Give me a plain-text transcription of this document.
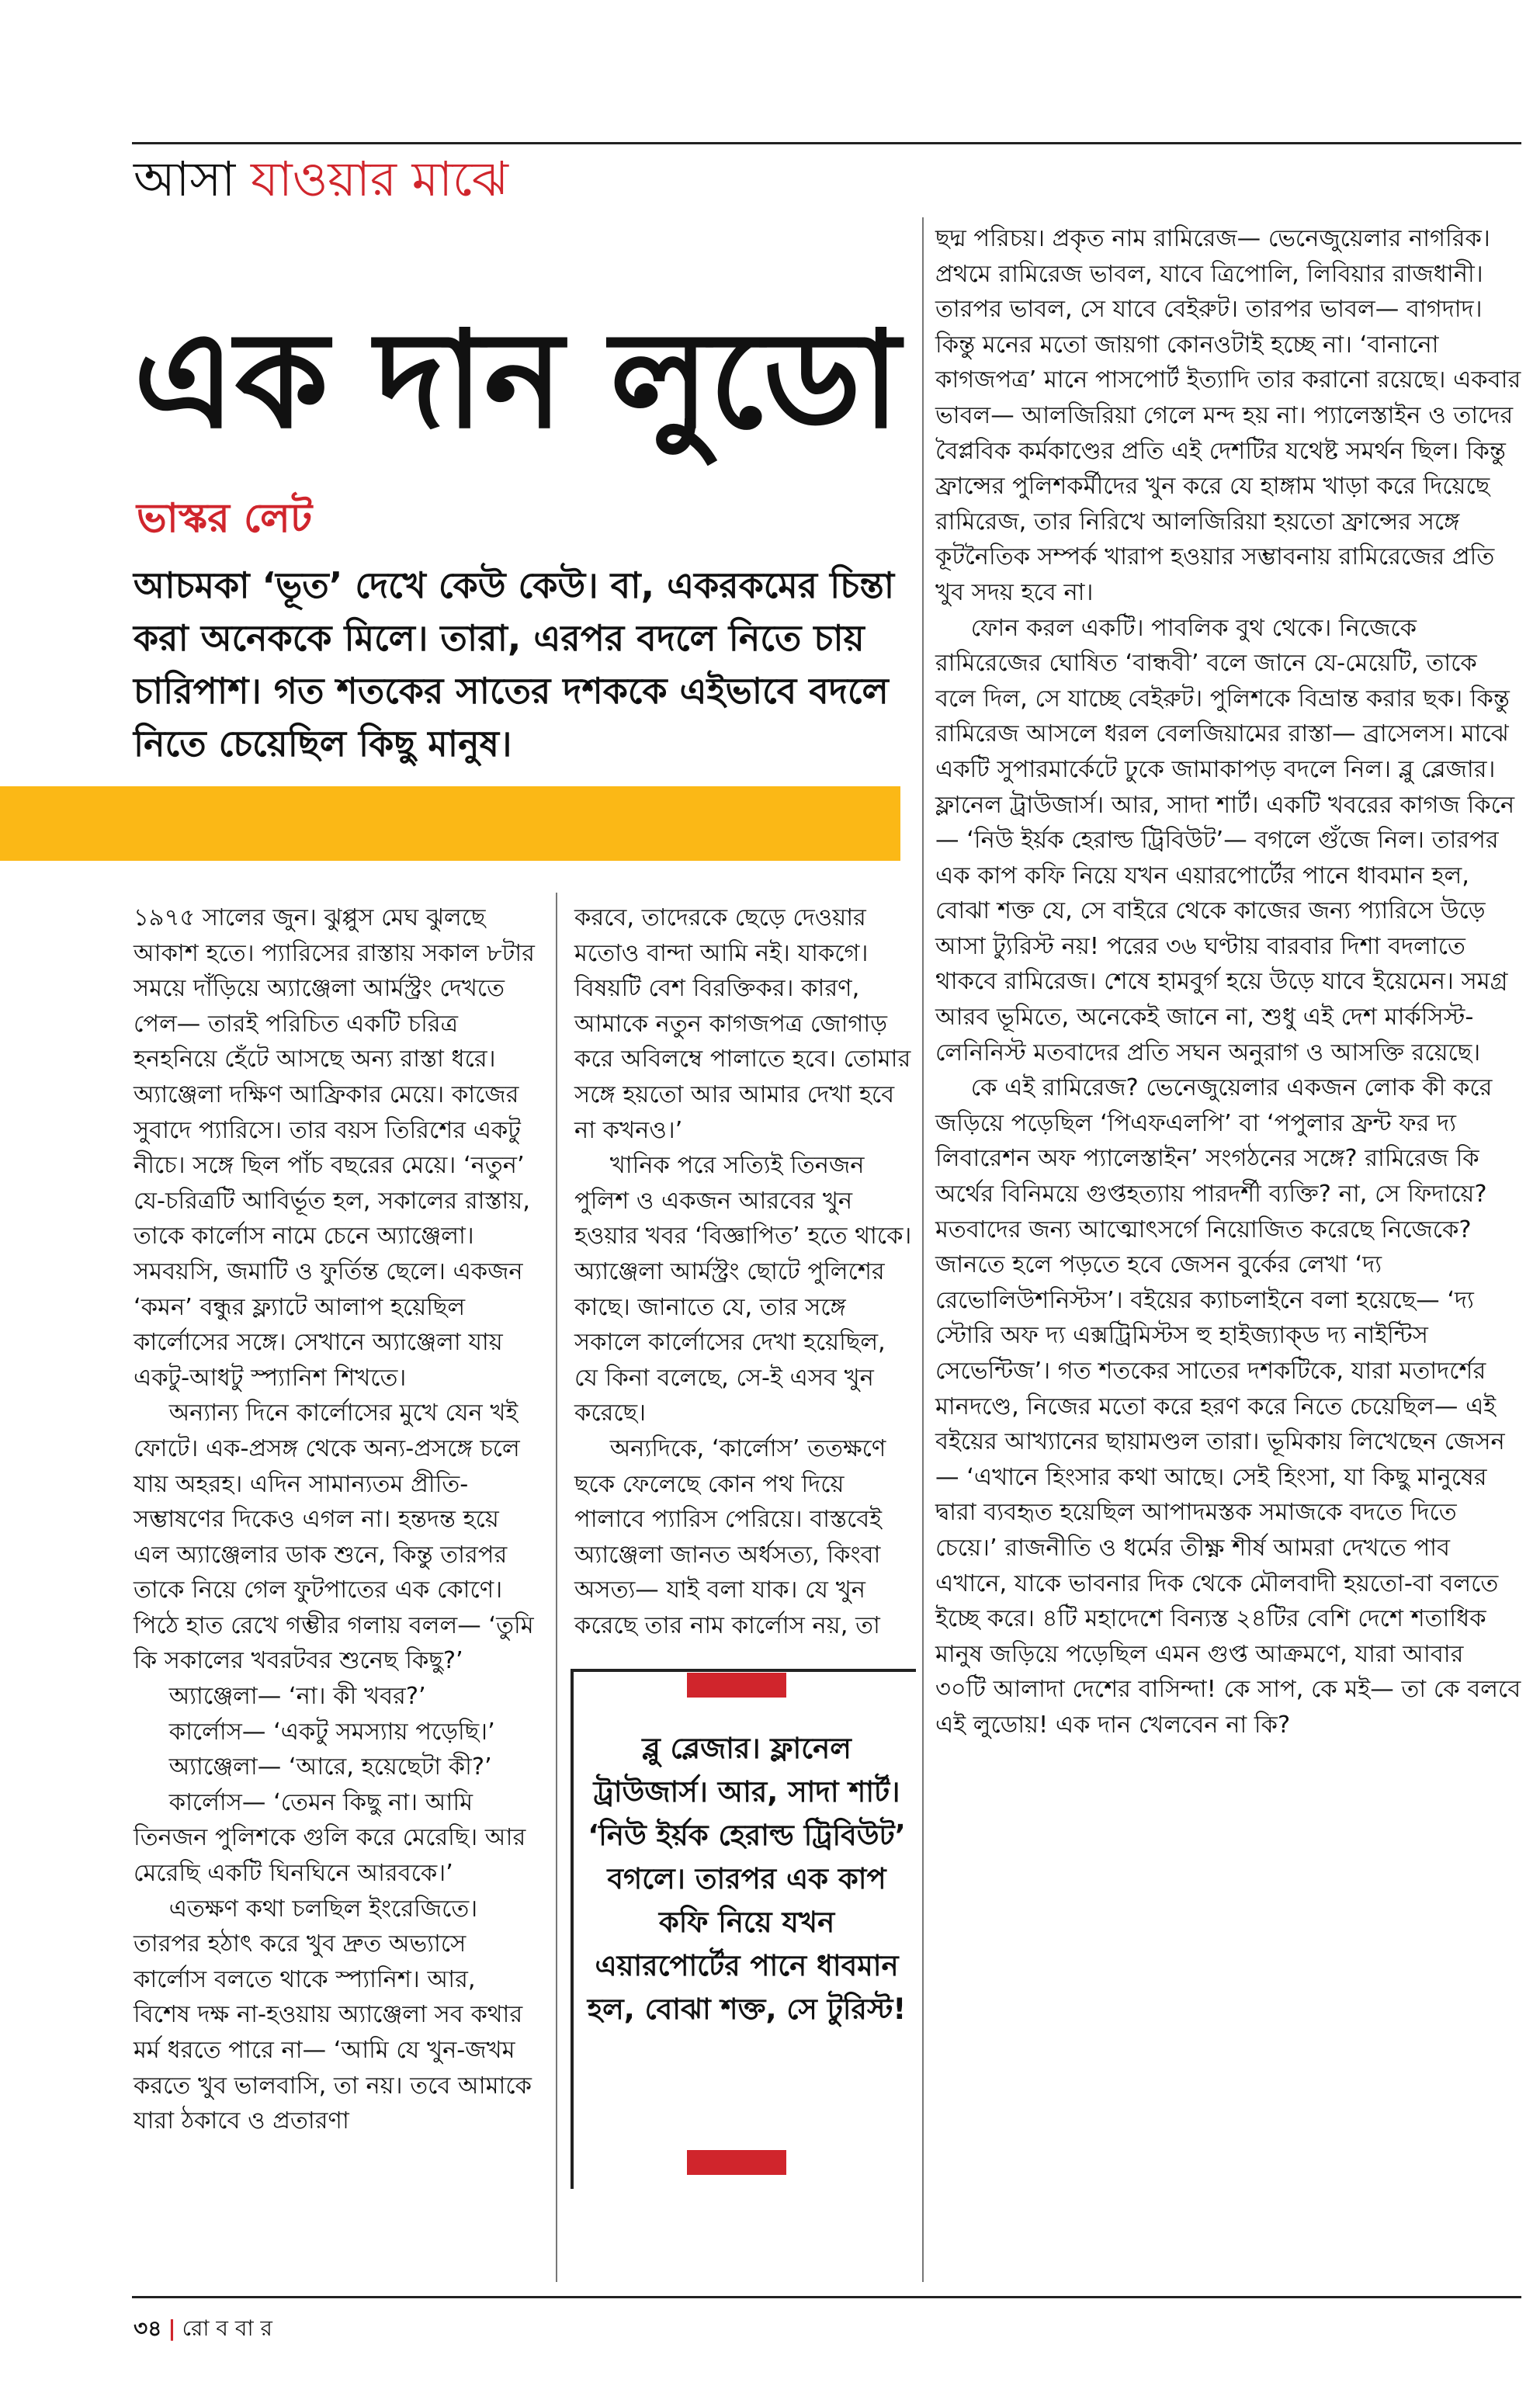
আসা যাওয়ার মাঝে
এক দান লুডো
ভাস্কর লেট
আচমকা ‘ভূত’ দেখে কেউ কেউ। বা, একরকমের চিন্তা করা অনেককে মিলে। তারা, এরপর বদলে নিতে চায় চারিপাশ। গত শতকের সাতের দশককে এইভাবে বদলে নিতে চেয়েছিল কিছু মানুষ।

১৯৭৫ সালের জুন। ঝুপ্পুস মেঘ ঝুলছে আকাশ হতে। প্যারিসের রাস্তায় সকাল ৮টার সময়ে দাঁড়িয়ে অ্যাঞ্জেলা আর্মস্ট্রং দেখতে পেল— তারই পরিচিত একটি চরিত্র হনহনিয়ে হেঁটে আসছে অন্য রাস্তা ধরে। অ্যাঞ্জেলা দক্ষিণ আফ্রিকার মেয়ে। কাজের সুবাদে প্যারিসে। তার বয়স তিরিশের একটু নীচে। সঙ্গে ছিল পাঁচ বছরের মেয়ে। ‘নতুন’ যে-চরিত্রটি আবির্ভূত হল, সকালের রাস্তায়, তাকে কার্লোস নামে চেনে অ্যাঞ্জেলা। সমবয়সি, জমাটি ও ফুর্তিন্ত ছেলে। একজন ‘কমন’ বন্ধুর ফ্ল্যাটে আলাপ হয়েছিল কার্লোসের সঙ্গে। সেখানে অ্যাঞ্জেলা যায় একটু-আধটু স্প্যানিশ শিখতে।

অন্যান্য দিনে কার্লোসের মুখে যেন খই ফোটে। এক-প্রসঙ্গ থেকে অন্য-প্রসঙ্গে চলে যায় অহরহ। এদিন সামান্যতম প্রীতি-সম্ভাষণের দিকেও এগল না। হন্তদন্ত হয়ে এল অ্যাঞ্জেলার ডাক শুনে, কিন্তু তারপর তাকে নিয়ে গেল ফুটপাতের এক কোণে। পিঠে হাত রেখে গম্ভীর গলায় বলল— ‘তুমি কি সকালের খবরটবর শুনেছ কিছু?’

অ্যাঞ্জেলা— ‘না। কী খবর?’

কার্লোস— ‘একটু সমস্যায় পড়েছি।’

অ্যাঞ্জেলা— ‘আরে, হয়েছেটা কী?’

কার্লোস— ‘তেমন কিছু না। আমি তিনজন পুলিশকে গুলি করে মেরেছি। আর মেরেছি একটি ঘিনঘিনে আরবকে।’

এতক্ষণ কথা চলছিল ইংরেজিতে। তারপর হঠাৎ করে খুব দ্রুত অভ্যাসে কার্লোস বলতে থাকে স্প্যানিশ। আর, বিশেষ দক্ষ না-হওয়ায় অ্যাঞ্জেলা সব কথার মর্ম ধরতে পারে না— ‘আমি যে খুন-জখম করতে খুব ভালবাসি, তা নয়। তবে আমাকে যারা ঠকাবে ও প্রতারণা

করবে, তাদেরকে ছেড়ে দেওয়ার মতোও বান্দা আমি নই। যাকগে। বিষয়টি বেশ বিরক্তিকর। কারণ, আমাকে নতুন কাগজপত্র জোগাড় করে অবিলম্বে পালাতে হবে। তোমার সঙ্গে হয়তো আর আমার দেখা হবে না কখনও।’

খানিক পরে সত্যিই তিনজন পুলিশ ও একজন আরবের খুন হওয়ার খবর ‘বিজ্ঞাপিত’ হতে থাকে। অ্যাঞ্জেলা আর্মস্ট্রং ছোটে পুলিশের কাছে। জানাতে যে, তার সঙ্গে সকালে কার্লোসের দেখা হয়েছিল, যে কিনা বলেছে, সে-ই এসব খুন করেছে।

অন্যদিকে, ‘কার্লোস’ ততক্ষণে ছকে ফেলেছে কোন পথ দিয়ে পালাবে প্যারিস পেরিয়ে। বাস্তবেই অ্যাঞ্জেলা জানত অর্ধসত্য, কিংবা অসত্য— যাই বলা যাক। যে খুন করেছে তার নাম কার্লোস নয়, তা

ব্লু ব্লেজার। ফ্লানেল ট্রাউজার্স। আর, সাদা শার্ট। ‘নিউ ইর্য়ক হেরাল্ড ট্রিবিউট’ বগলে। তারপর এক কাপ কফি নিয়ে যখন এয়ারপোর্টের পানে ধাবমান হল, বোঝা শক্ত, সে টুরিস্ট!

ছদ্ম পরিচয়। প্রকৃত নাম রামিরেজ— ভেনেজুয়েলার নাগরিক। প্রথমে রামিরেজ ভাবল, যাবে ত্রিপোলি, লিবিয়ার রাজধানী। তারপর ভাবল, সে যাবে বেইরুট। তারপর ভাবল— বাগদাদ। কিন্তু মনের মতো জায়গা কোনওটাই হচ্ছে না। ‘বানানো কাগজপত্র’ মানে পাসপোর্ট ইত্যাদি তার করানো রয়েছে। একবার ভাবল— আলজিরিয়া গেলে মন্দ হয় না। প্যালেস্তাইন ও তাদের বৈপ্লবিক কর্মকাণ্ডের প্রতি এই দেশটির যথেষ্ট সমর্থন ছিল। কিন্তু ফ্রান্সের পুলিশকর্মীদের খুন করে যে হাঙ্গাম খাড়া করে দিয়েছে রামিরেজ, তার নিরিখে আলজিরিয়া হয়তো ফ্রান্সের সঙ্গে কূটনৈতিক সম্পর্ক খারাপ হওয়ার সম্ভাবনায় রামিরেজের প্রতি খুব সদয় হবে না।

ফোন করল একটি। পাবলিক বুথ থেকে। নিজেকে রামিরেজের ঘোষিত ‘বান্ধবী’ বলে জানে যে-মেয়েটি, তাকে বলে দিল, সে যাচ্ছে বেইরুট। পুলিশকে বিভ্রান্ত করার ছক। কিন্তু রামিরেজ আসলে ধরল বেলজিয়ামের রাস্তা— ব্রাসেলস। মাঝে একটি সুপারমার্কেটে ঢুকে জামাকাপড় বদলে নিল। ব্লু ব্লেজার। ফ্লানেল ট্রাউজার্স। আর, সাদা শার্ট। একটি খবরের কাগজ কিনে— ‘নিউ ইর্য়ক হেরাল্ড ট্রিবিউট’— বগলে গুঁজে নিল। তারপর এক কাপ কফি নিয়ে যখন এয়ারপোর্টের পানে ধাবমান হল, বোঝা শক্ত যে, সে বাইরে থেকে কাজের জন্য প্যারিসে উড়ে আসা ট্যুরিস্ট নয়! পরের ৩৬ ঘণ্টায় বারবার দিশা বদলাতে থাকবে রামিরেজ। শেষে হামবুর্গ হয়ে উড়ে যাবে ইয়েমেন। সমগ্র আরব ভূমিতে, অনেকেই জানে না, শুধু এই দেশ মার্কসিস্ট-লেনিনিস্ট মতবাদের প্রতি সঘন অনুরাগ ও আসক্তি রয়েছে।

কে এই রামিরেজ? ভেনেজুয়েলার একজন লোক কী করে জড়িয়ে পড়েছিল ‘পিএফএলপি’ বা ‘পপুলার ফ্রন্ট ফর দ্য লিবারেশন অফ প্যালেস্তাইন’ সংগঠনের সঙ্গে? রামিরেজ কি অর্থের বিনিময়ে গুপ্তহত্যায় পারদর্শী ব্যক্তি? না, সে ফিদায়ে? মতবাদের জন্য আত্মোৎসর্গে নিয়োজিত করেছে নিজেকে? জানতে হলে পড়তে হবে জেসন বুর্কের লেখা ‘দ্য রেভোলিউশনিস্টস’। বইয়ের ক্যাচলাইনে বলা হয়েছে— ‘দ্য স্টোরি অফ দ্য এক্সট্রিমিস্টস হু হাইজ্যাক্ড দ্য নাইন্টিস সেভেন্টিজ’। গত শতকের সাতের দশকটিকে, যারা মতাদর্শের মানদণ্ডে, নিজের মতো করে হরণ করে নিতে চেয়েছিল— এই বইয়ের আখ্যানের ছায়ামণ্ডল তারা। ভূমিকায় লিখেছেন জেসন— ‘এখানে হিংসার কথা আছে। সেই হিংসা, যা কিছু মানুষের দ্বারা ব্যবহৃত হয়েছিল আপাদমস্তক সমাজকে বদতে দিতে চেয়ে।’ রাজনীতি ও ধর্মের তীক্ষ্ণ শীর্ষ আমরা দেখতে পাব এখানে, যাকে ভাবনার দিক থেকে মৌলবাদী হয়তো-বা বলতে ইচ্ছে করে। ৪টি মহাদেশে বিন্যস্ত ২৪টির বেশি দেশে শতাধিক মানুষ জড়িয়ে পড়েছিল এমন গুপ্ত আক্রমণে, যারা আবার ৩০টি আলাদা দেশের বাসিন্দা! কে সাপ, কে মই— তা কে বলবে এই লুডোয়! এক দান খেলবেন না কি?

৩৪ | রো ব বা র
